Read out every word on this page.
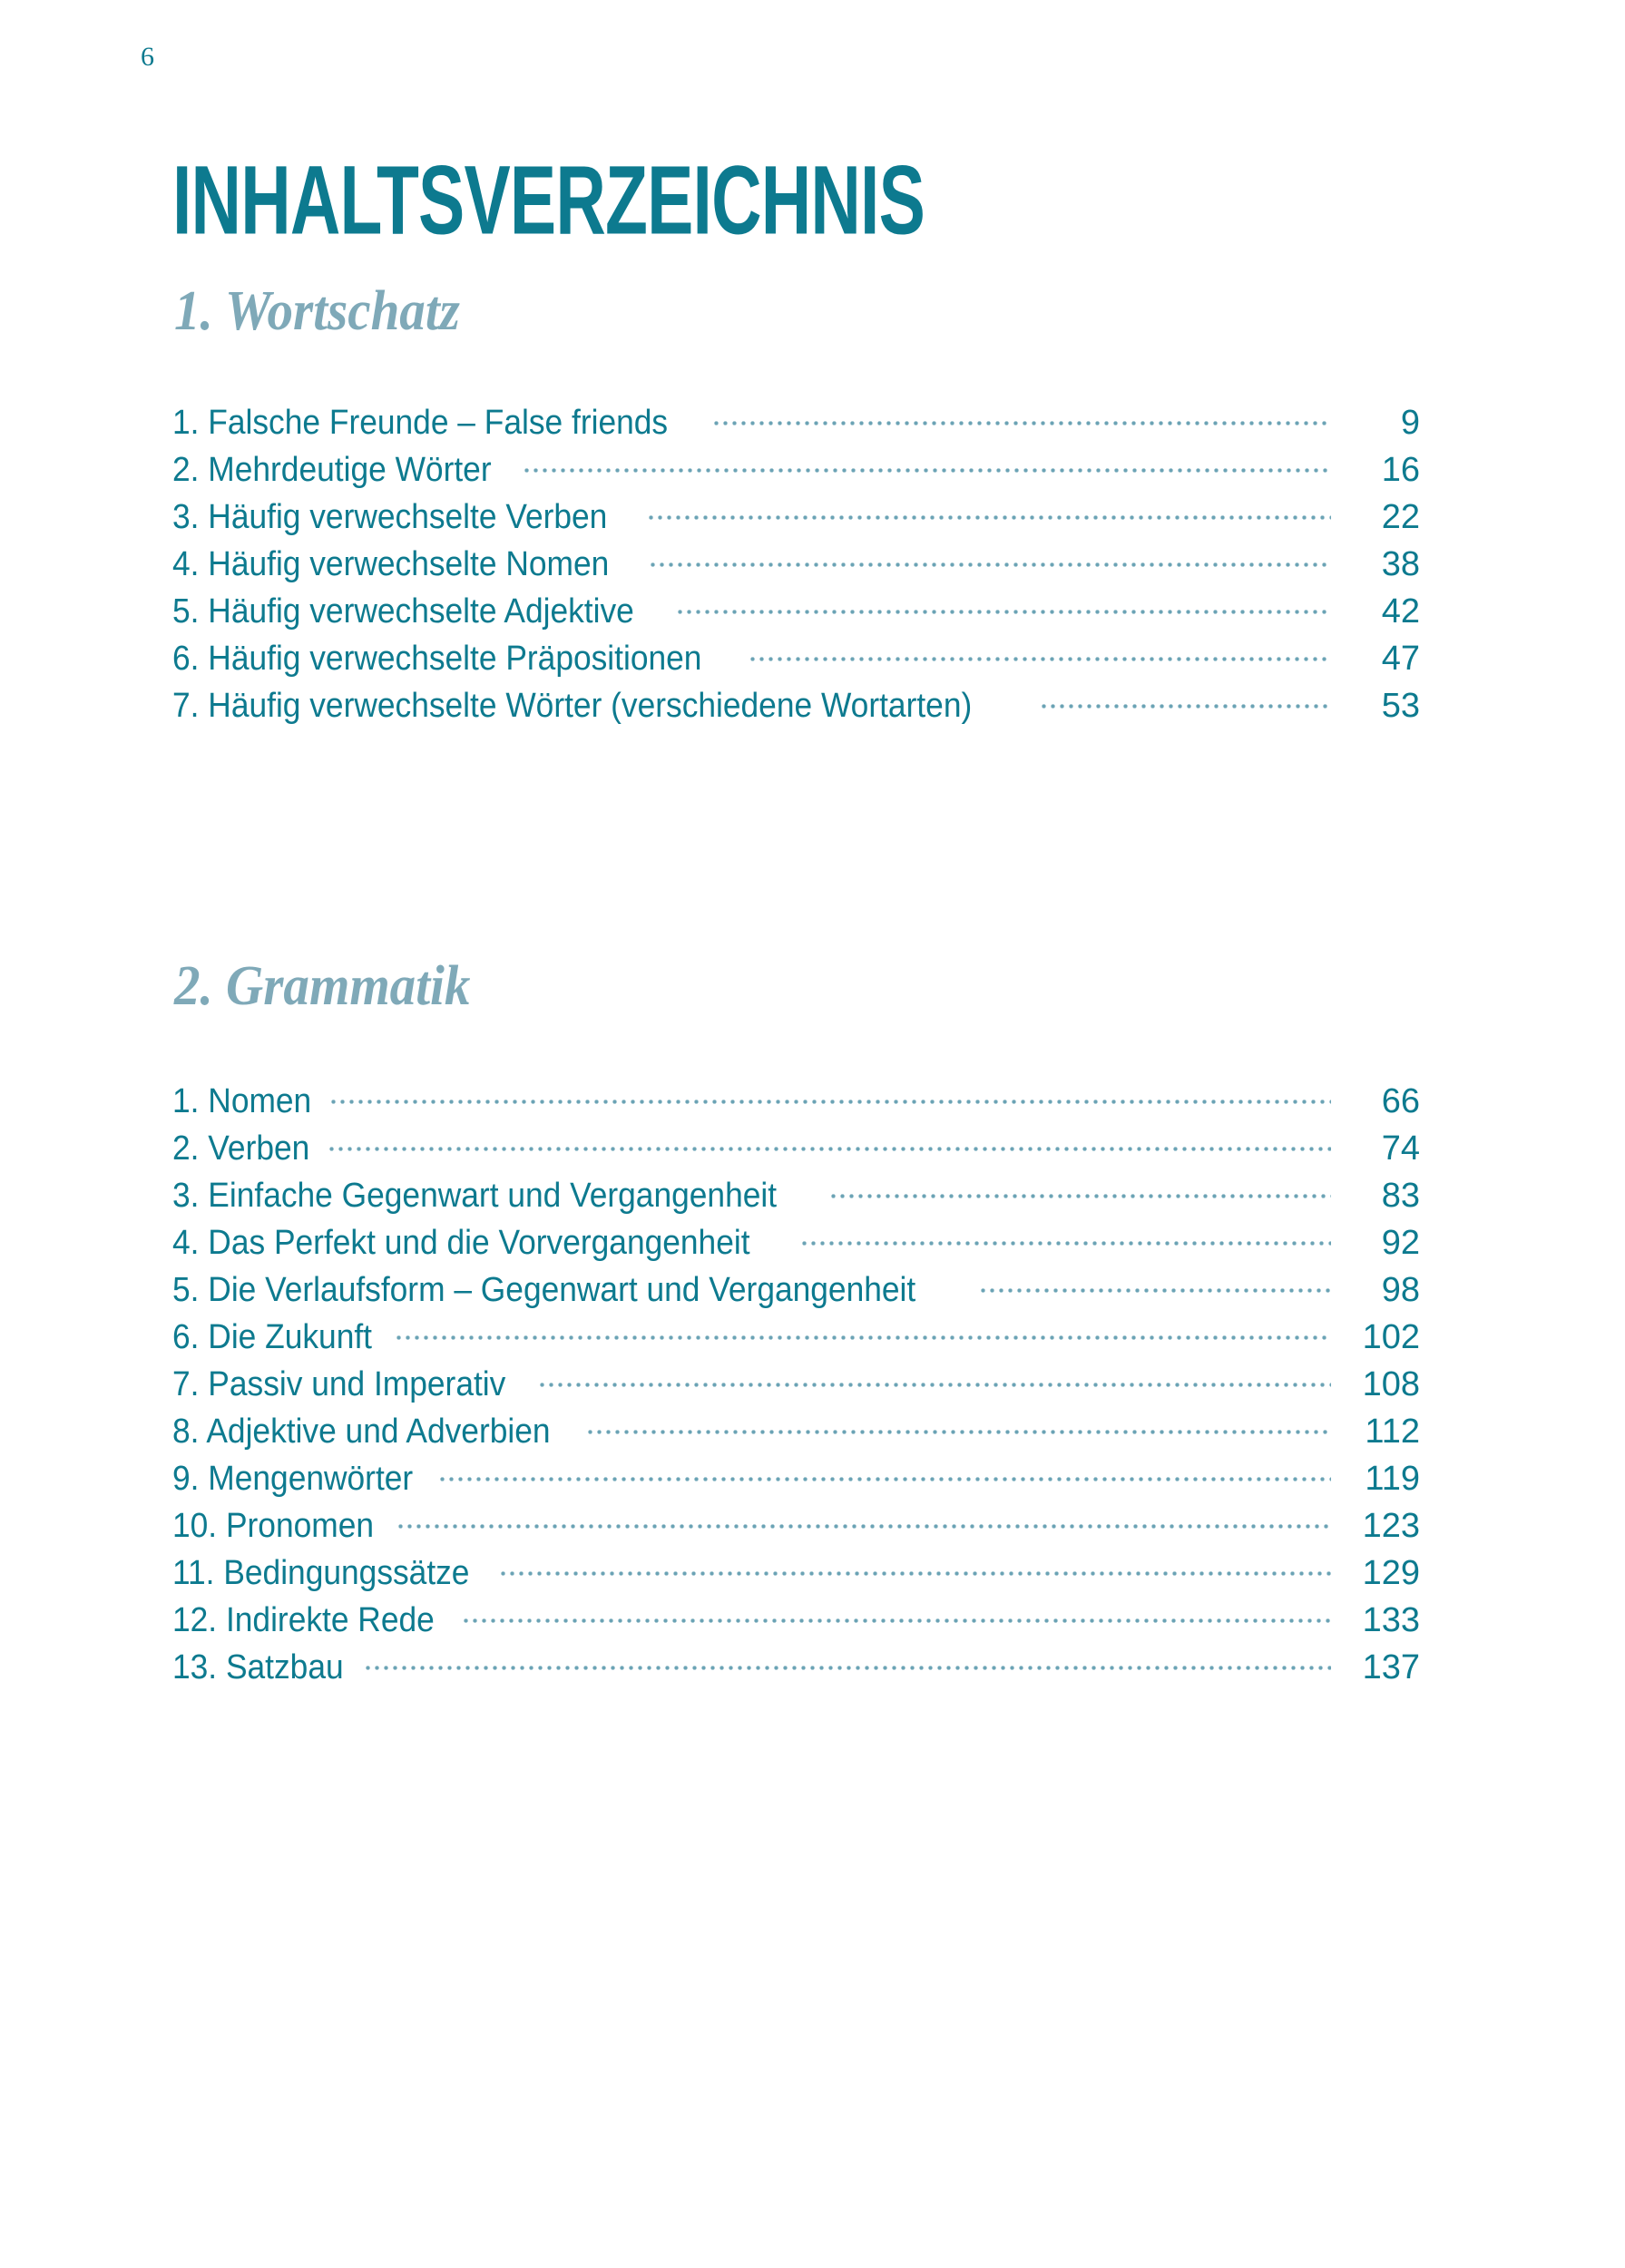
6
INHALTSVERZEICHNIS
1. Wortschatz
1. Falsche Freunde – False friends	9
2. Mehrdeutige Wörter	16
3. Häufig verwechselte Verben	22
4. Häufig verwechselte Nomen	38
5. Häufig verwechselte Adjektive	42
6. Häufig verwechselte Präpositionen	47
7. Häufig verwechselte Wörter (verschiedene Wortarten)	53
2. Grammatik
1. Nomen	66
2. Verben	74
3. Einfache Gegenwart und Vergangenheit	83
4. Das Perfekt und die Vorvergangenheit	92
5. Die Verlaufsform – Gegenwart und Vergangenheit	98
6. Die Zukunft	102
7. Passiv und Imperativ	108
8. Adjektive und Adverbien	112
9. Mengenwörter	119
10. Pronomen	123
11. Bedingungssätze	129
12. Indirekte Rede	133
13. Satzbau	137
